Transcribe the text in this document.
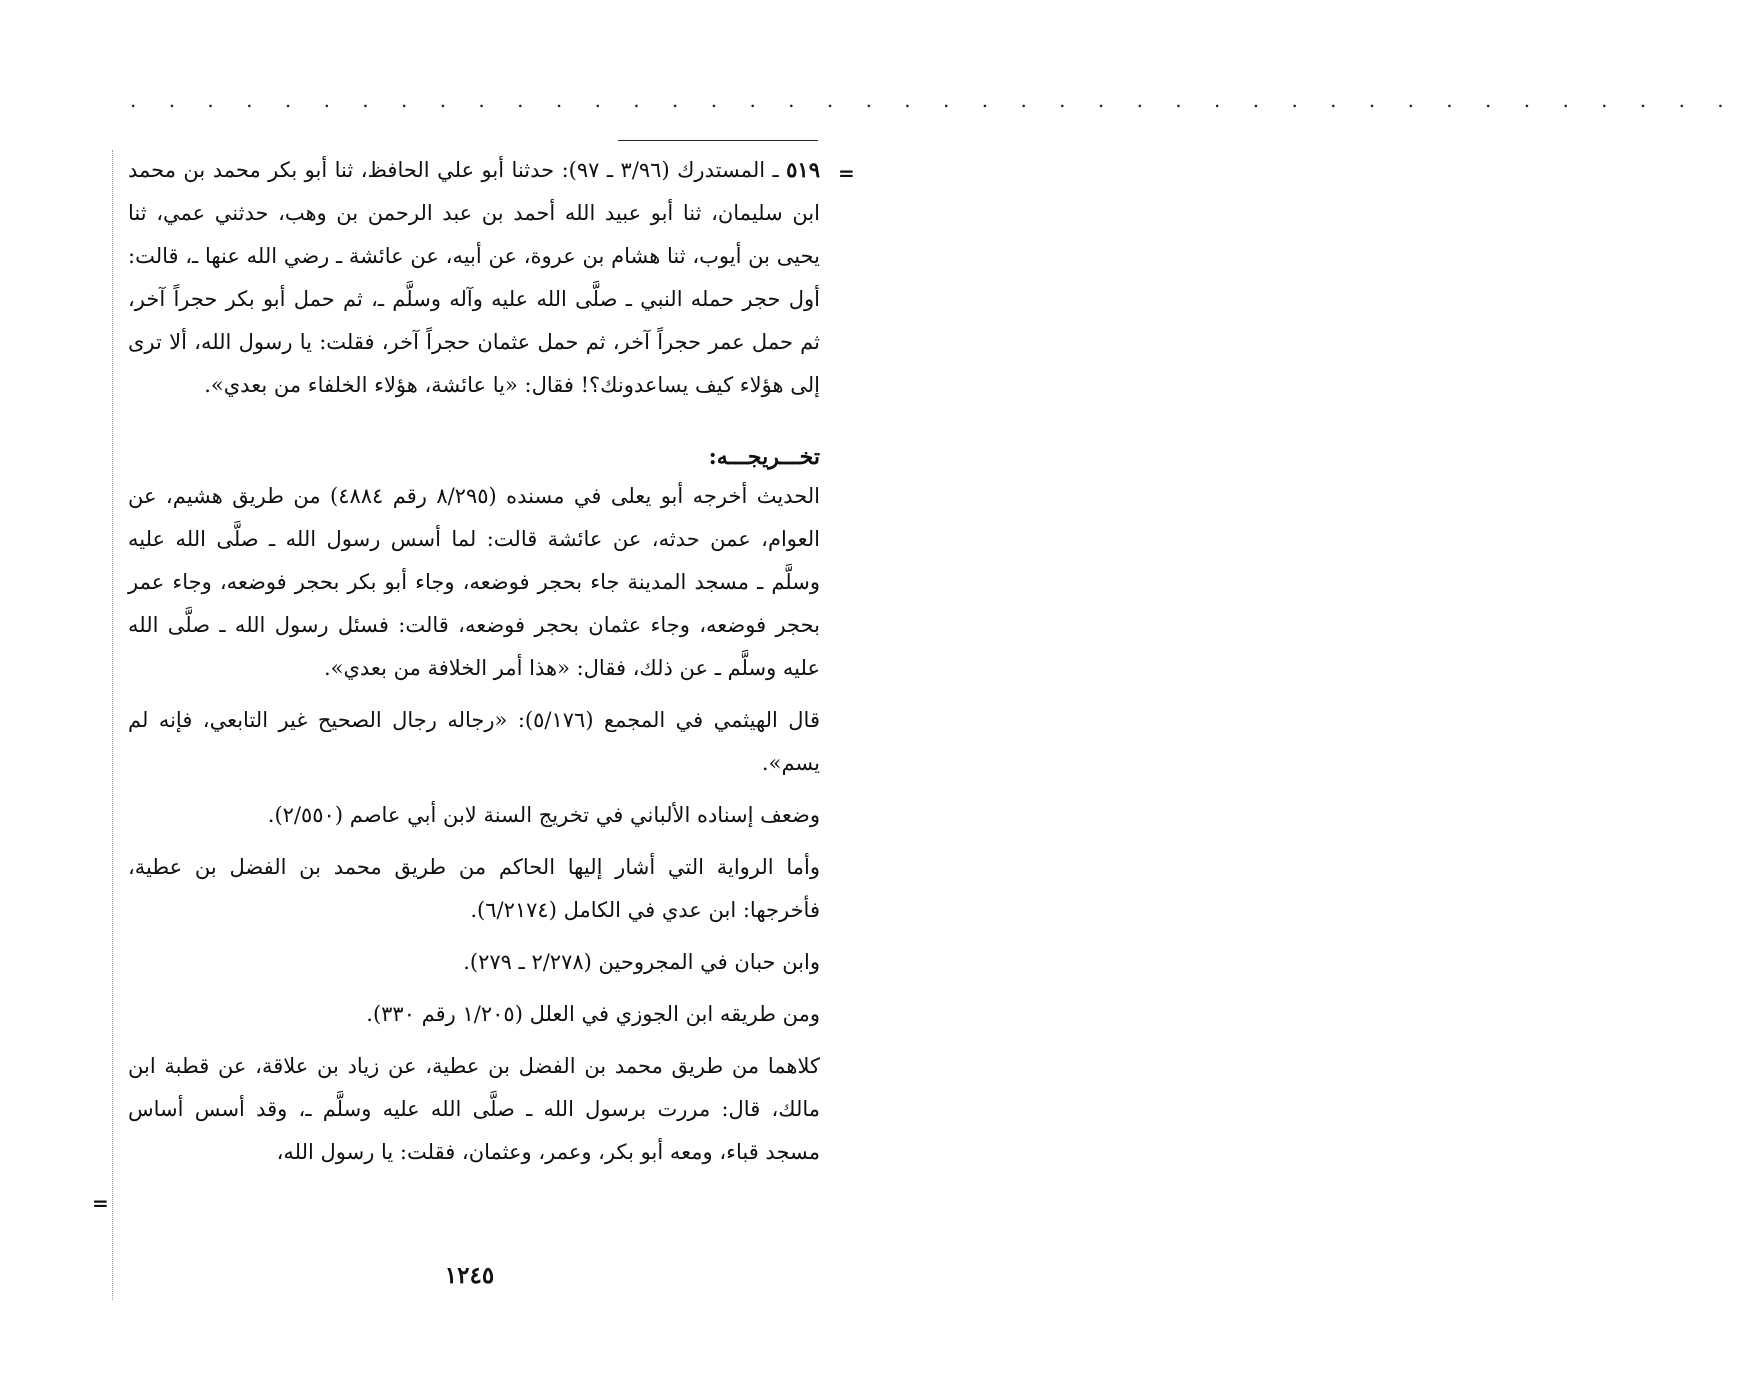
. . . . . . . . . . . . . . . . . . . . . . . . . . . . . . . . . . . . . . . . . .
=

٥١٩ ـ المستدرك (٣/٩٦ ـ ٩٧): حدثنا أبو علي الحافظ، ثنا أبو بكر محمد بن محمد ابن سليمان، ثنا أبو عبيد الله أحمد بن عبد الرحمن بن وهب، حدثني عمي، ثنا يحيى بن أيوب، ثنا هشام بن عروة، عن أبيه، عن عائشة ـ رضي الله عنها ـ، قالت: أول حجر حمله النبي ـ صلَّى الله عليه وآله وسلَّم ـ، ثم حمل أبو بكر حجراً آخر، ثم حمل عمر حجراً آخر، ثم حمل عثمان حجراً آخر، فقلت: يا رسول الله، ألا ترى إلى هؤلاء كيف يساعدونك؟! فقال: «يا عائشة، هؤلاء الخلفاء من بعدي».

تخـــريجـــه:

الحديث أخرجه أبو يعلى في مسنده (٨/٢٩٥ رقم ٤٨٨٤) من طريق هشيم، عن العوام، عمن حدثه، عن عائشة قالت: لما أسس رسول الله ـ صلَّى الله عليه وسلَّم ـ مسجد المدينة جاء بحجر فوضعه، وجاء أبو بكر بحجر فوضعه، وجاء عمر بحجر فوضعه، وجاء عثمان بحجر فوضعه، قالت: فسئل رسول الله ـ صلَّى الله عليه وسلَّم ـ عن ذلك، فقال: «هذا أمر الخلافة من بعدي».

قال الهيثمي في المجمع (٥/١٧٦): «رجاله رجال الصحيح غير التابعي، فإنه لم يسم».

وضعف إسناده الألباني في تخريج السنة لابن أبي عاصم (٢/٥٥٠).

وأما الرواية التي أشار إليها الحاكم من طريق محمد بن الفضل بن عطية، فأخرجها: ابن عدي في الكامل (٦/٢١٧٤).

وابن حبان في المجروحين (٢/٢٧٨ ـ ٢٧٩).

ومن طريقه ابن الجوزي في العلل (١/٢٠٥ رقم ٣٣٠).

كلاهما من طريق محمد بن الفضل بن عطية، عن زياد بن علاقة، عن قطبة ابن مالك، قال: مررت برسول الله ـ صلَّى الله عليه وسلَّم ـ، وقد أسس أساس مسجد قباء، ومعه أبو بكر، وعمر، وعثمان، فقلت: يا رسول الله،

=
١٢٤٥
